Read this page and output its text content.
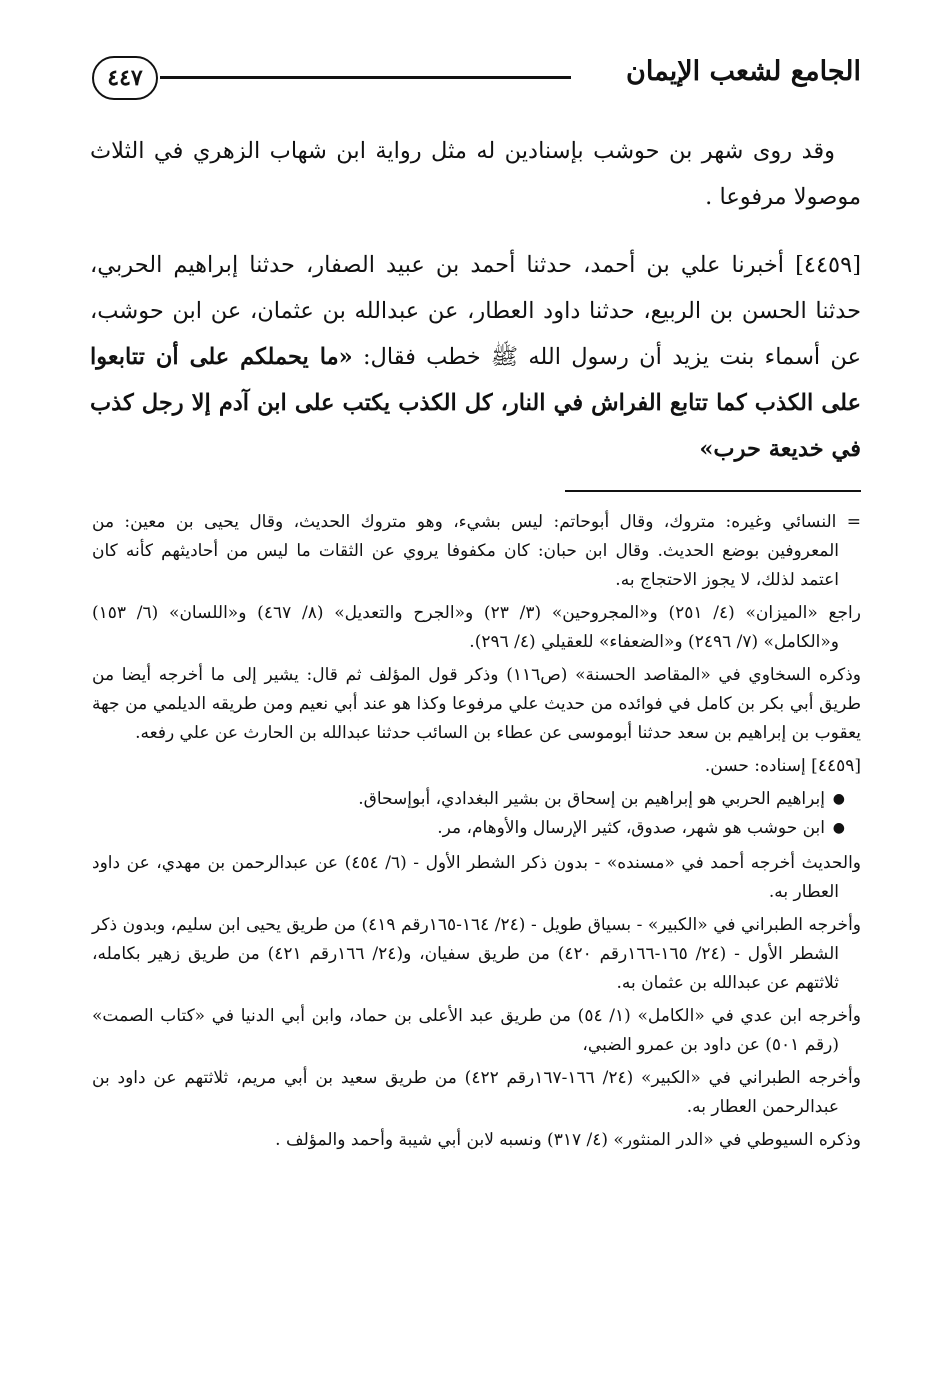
الجامع لشعب الإيمان
٤٤٧

وقد روى شهر بن حوشب بإسنادين له مثل رواية ابن شهاب الزهري في الثلاث موصولا مرفوعا .

[٤٤٥٩] أخبرنا علي بن أحمد، حدثنا أحمد بن عبيد الصفار، حدثنا إبراهيم الحربي، حدثنا الحسن بن الربيع، حدثنا داود العطار، عن عبدالله بن عثمان، عن ابن حوشب، عن أسماء بنت يزيد أن رسول الله ﷺ خطب فقال: «ما يحملكم على أن تتابعوا على الكذب كما تتابع الفراش في النار، كل الكذب يكتب على ابن آدم إلا رجل كذب في خديعة حرب»

= النسائي وغيره: متروك، وقال أبوحاتم: ليس بشيء، وهو متروك الحديث، وقال يحيى بن معين: من المعروفين بوضع الحديث. وقال ابن حبان: كان مكفوفا يروي عن الثقات ما ليس من أحاديثهم كأنه كان اعتمد لذلك، لا يجوز الاحتجاج به.

راجع «الميزان» (٤/ ٢٥١) و«المجروحين» (٣/ ٢٣) و«الجرح والتعديل» (٨/ ٤٦٧) و«اللسان» (٦/ ١٥٣) و«الكامل» (٧/ ٢٤٩٦) و«الضعفاء» للعقيلي (٤/ ٢٩٦).

وذكره السخاوي في «المقاصد الحسنة» (ص١١٦) وذكر قول المؤلف ثم قال: يشير إلى ما أخرجه أيضا من طريق أبي بكر بن كامل في فوائده من حديث علي مرفوعا وكذا هو عند أبي نعيم ومن طريقه الديلمي من جهة يعقوب بن إبراهيم بن سعد حدثنا أبوموسى عن عطاء بن السائب حدثنا عبدالله بن الحارث عن علي رفعه.

[٤٤٥٩] إسناده: حسن.

●
إبراهيم الحربي هو إبراهيم بن إسحاق بن بشير البغدادي، أبوإسحاق.

●
ابن حوشب هو شهر، صدوق، كثير الإرسال والأوهام، مر.

والحديث أخرجه أحمد في «مسنده» - بدون ذكر الشطر الأول - (٦/ ٤٥٤) عن عبدالرحمن بن مهدي، عن داود العطار به.

وأخرجه الطبراني في «الكبير» - بسياق طويل - (٢٤/ ١٦٤-١٦٥رقم ٤١٩) من طريق يحيى ابن سليم، وبدون ذكر الشطر الأول - (٢٤/ ١٦٥-١٦٦رقم ٤٢٠) من طريق سفيان، و(٢٤/ ١٦٦رقم ٤٢١) من طريق زهير بكامله، ثلاثتهم عن عبدالله بن عثمان به.

وأخرجه ابن عدي في «الكامل» (١/ ٥٤) من طريق عبد الأعلى بن حماد، وابن أبي الدنيا في «كتاب الصمت» (رقم ٥٠١) عن داود بن عمرو الضبي،

وأخرجه الطبراني في «الكبير» (٢٤/ ١٦٦-١٦٧رقم ٤٢٢) من طريق سعيد بن أبي مريم، ثلاثتهم عن داود بن عبدالرحمن العطار به.

وذكره السيوطي في «الدر المنثور» (٤/ ٣١٧) ونسبه لابن أبي شيبة وأحمد والمؤلف .
